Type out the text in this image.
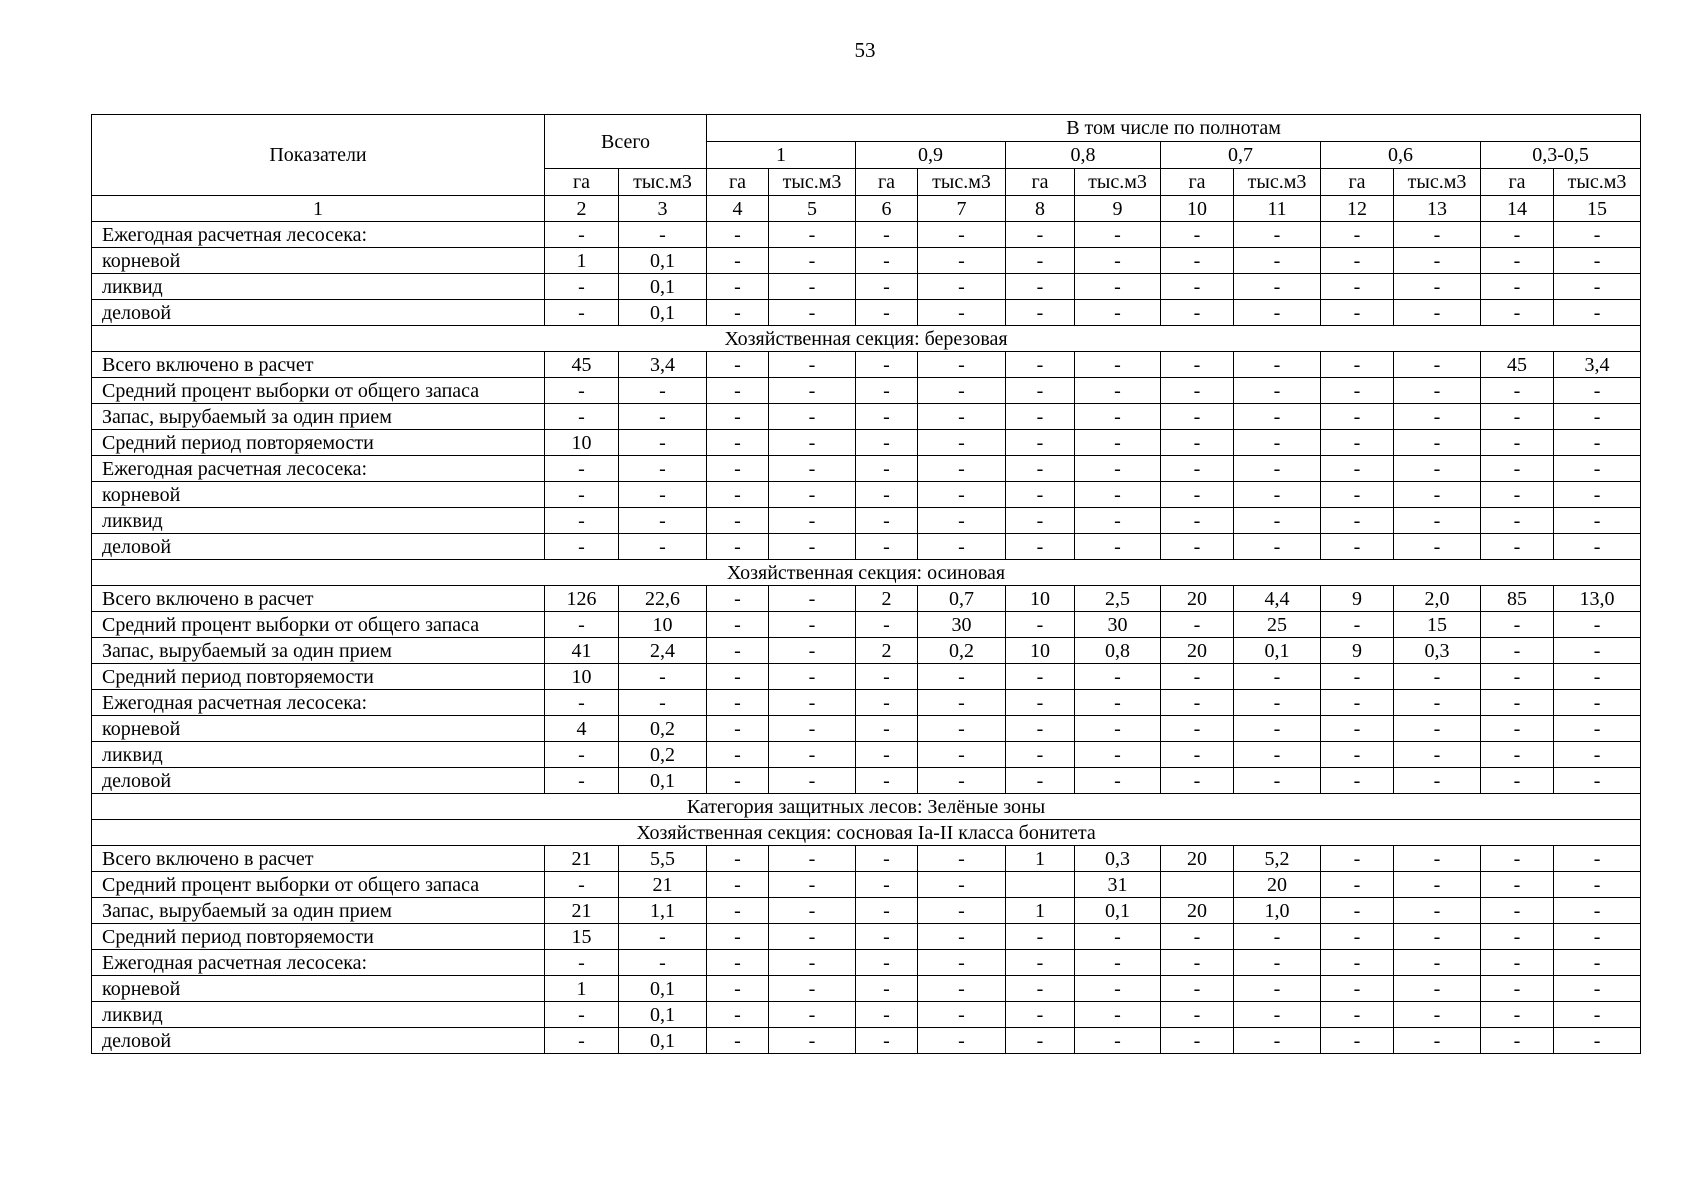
53
Показатели	Всего		В том числе по полнотам											
			1		0,9		0,8		0,7		0,6		0,3-0,5	
	га	тыс.м3	га	тыс.м3	га	тыс.м3	га	тыс.м3	га	тыс.м3	га	тыс.м3	га	тыс.м3
1	2	3	4	5	6	7	8	9	10	11	12	13	14	15
Ежегодная расчетная лесосека:	-	-	-	-	-	-	-	-	-	-	-	-	-	-
корневой	1	0,1	-	-	-	-	-	-	-	-	-	-	-	-
ликвид	-	0,1	-	-	-	-	-	-	-	-	-	-	-	-
деловой	-	0,1	-	-	-	-	-	-	-	-	-	-	-	-
Хозяйственная секция: березовая														
Всего включено в расчет	45	3,4	-	-	-	-	-	-	-	-	-	-	45	3,4
Средний процент выборки от общего запаса	-	-	-	-	-	-	-	-	-	-	-	-	-	-
Запас, вырубаемый за один прием	-	-	-	-	-	-	-	-	-	-	-	-	-	-
Средний период повторяемости	10	-	-	-	-	-	-	-	-	-	-	-	-	-
Ежегодная расчетная лесосека:	-	-	-	-	-	-	-	-	-	-	-	-	-	-
корневой	-	-	-	-	-	-	-	-	-	-	-	-	-	-
ликвид	-	-	-	-	-	-	-	-	-	-	-	-	-	-
деловой	-	-	-	-	-	-	-	-	-	-	-	-	-	-
Хозяйственная секция: осиновая														
Всего включено в расчет	126	22,6	-	-	2	0,7	10	2,5	20	4,4	9	2,0	85	13,0
Средний процент выборки от общего запаса	-	10	-	-	-	30	-	30	-	25	-	15	-	-
Запас, вырубаемый за один прием	41	2,4	-	-	2	0,2	10	0,8	20	0,1	9	0,3	-	-
Средний период повторяемости	10	-	-	-	-	-	-	-	-	-	-	-	-	-
Ежегодная расчетная лесосека:	-	-	-	-	-	-	-	-	-	-	-	-	-	-
корневой	4	0,2	-	-	-	-	-	-	-	-	-	-	-	-
ликвид	-	0,2	-	-	-	-	-	-	-	-	-	-	-	-
деловой	-	0,1	-	-	-	-	-	-	-	-	-	-	-	-
Категория защитных лесов: Зелёные зоны														
Хозяйственная секция: сосновая Iа-II класса бонитета														
Всего включено в расчет	21	5,5	-	-	-	-	1	0,3	20	5,2	-	-	-	-
Средний процент выборки от общего запаса	-	21	-	-	-	-		31		20	-	-	-	-
Запас, вырубаемый за один прием	21	1,1	-	-	-	-	1	0,1	20	1,0	-	-	-	-
Средний период повторяемости	15	-	-	-	-	-	-	-	-	-	-	-	-	-
Ежегодная расчетная лесосека:	-	-	-	-	-	-	-	-	-	-	-	-	-	-
корневой	1	0,1	-	-	-	-	-	-	-	-	-	-	-	-
ликвид	-	0,1	-	-	-	-	-	-	-	-	-	-	-	-
деловой	-	0,1	-	-	-	-	-	-	-	-	-	-	-	-
